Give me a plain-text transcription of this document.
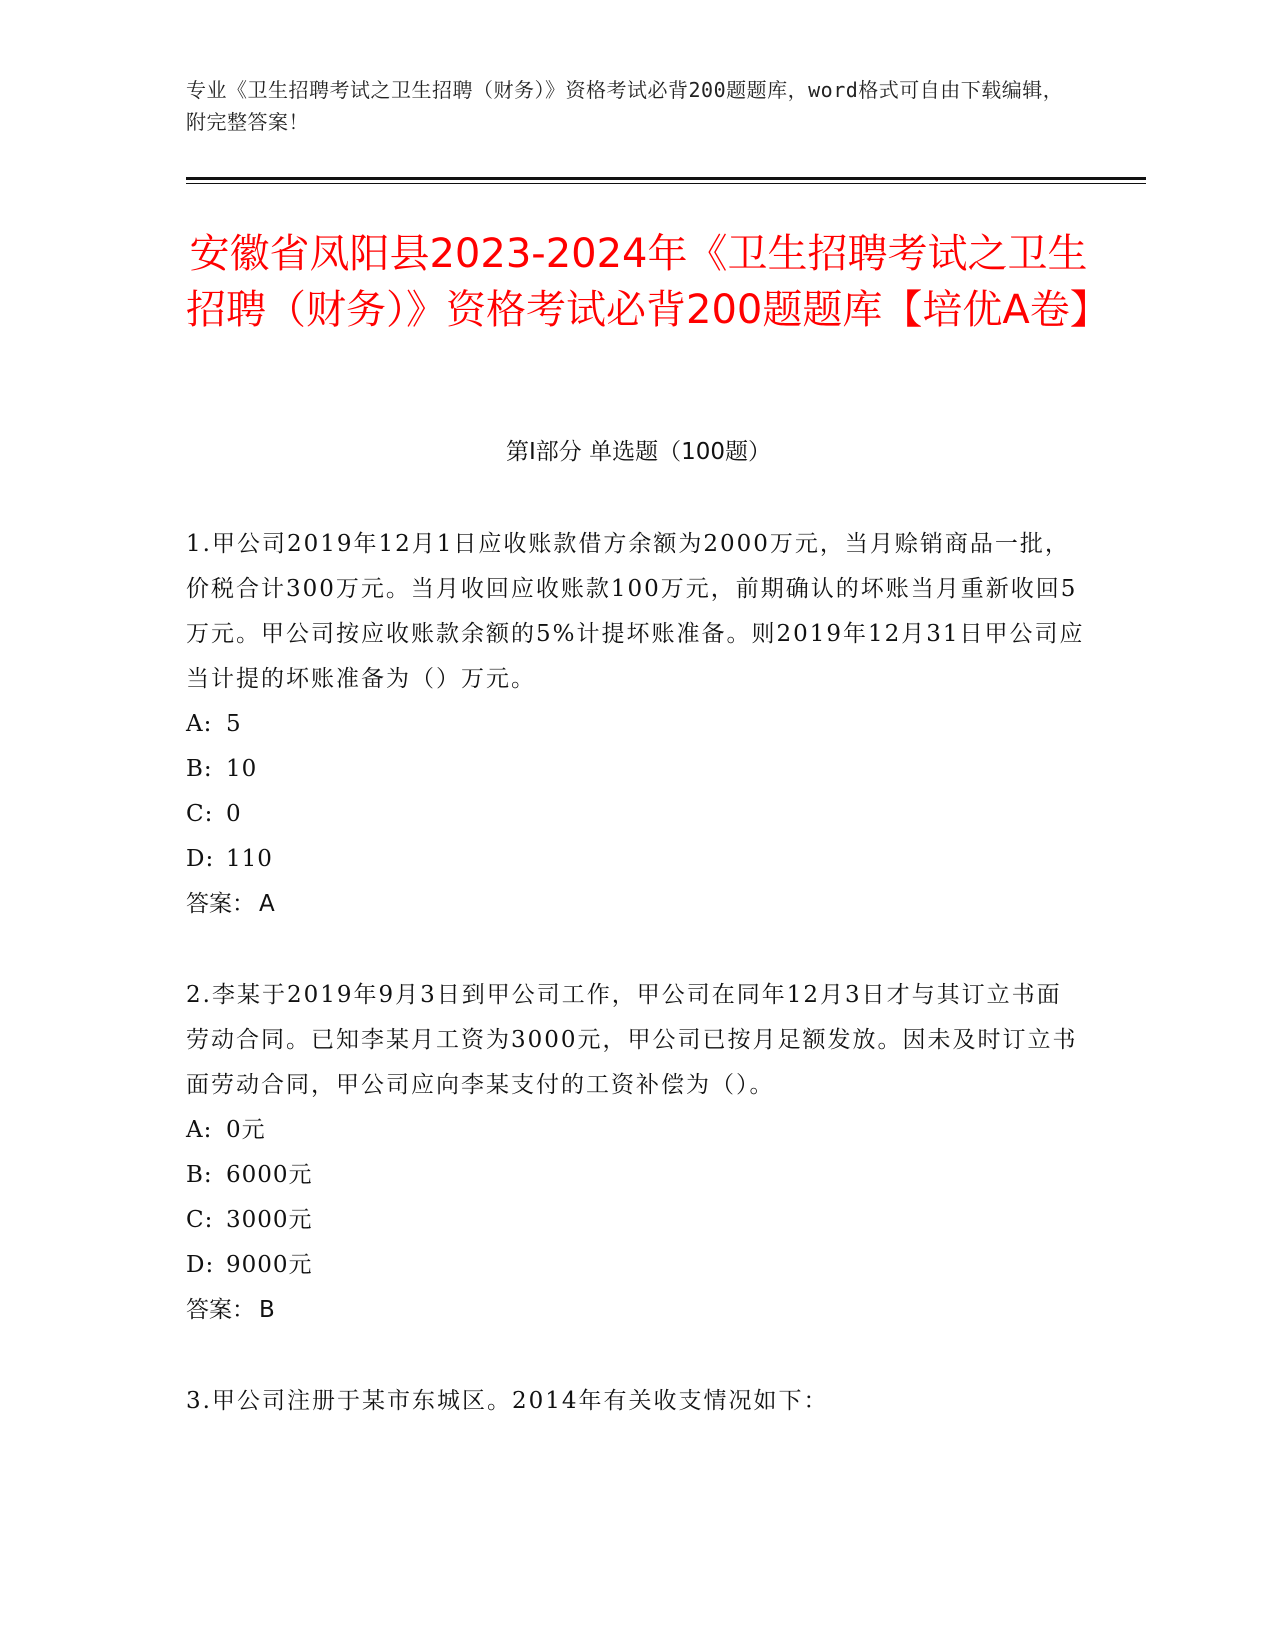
专业《卫生招聘考试之卫生招聘（财务）》资格考试必背200题题库，word格式可自由下载编辑，附完整答案！
安徽省凤阳县2023-2024年《卫生招聘考试之卫生招聘（财务）》资格考试必背200题题库【培优A卷】
第Ⅰ部分 单选题（100题）

1.甲公司2019年12月1日应收账款借方余额为2000万元，当月赊销商品一批，价税合计300万元。当月收回应收账款100万元，前期确认的坏账当月重新收回5万元。甲公司按应收账款余额的5%计提坏账准备。则2019年12月31日甲公司应当计提的坏账准备为（）万元。

A: 5

B: 10

C: 0

D: 110

答案： A

2.李某于2019年9月3日到甲公司工作，甲公司在同年12月3日才与其订立书面劳动合同。已知李某月工资为3000元，甲公司已按月足额发放。因未及时订立书面劳动合同，甲公司应向李某支付的工资补偿为（）。

A: 0元

B: 6000元

C: 3000元

D: 9000元

答案： B

3.甲公司注册于某市东城区。2014年有关收支情况如下：
